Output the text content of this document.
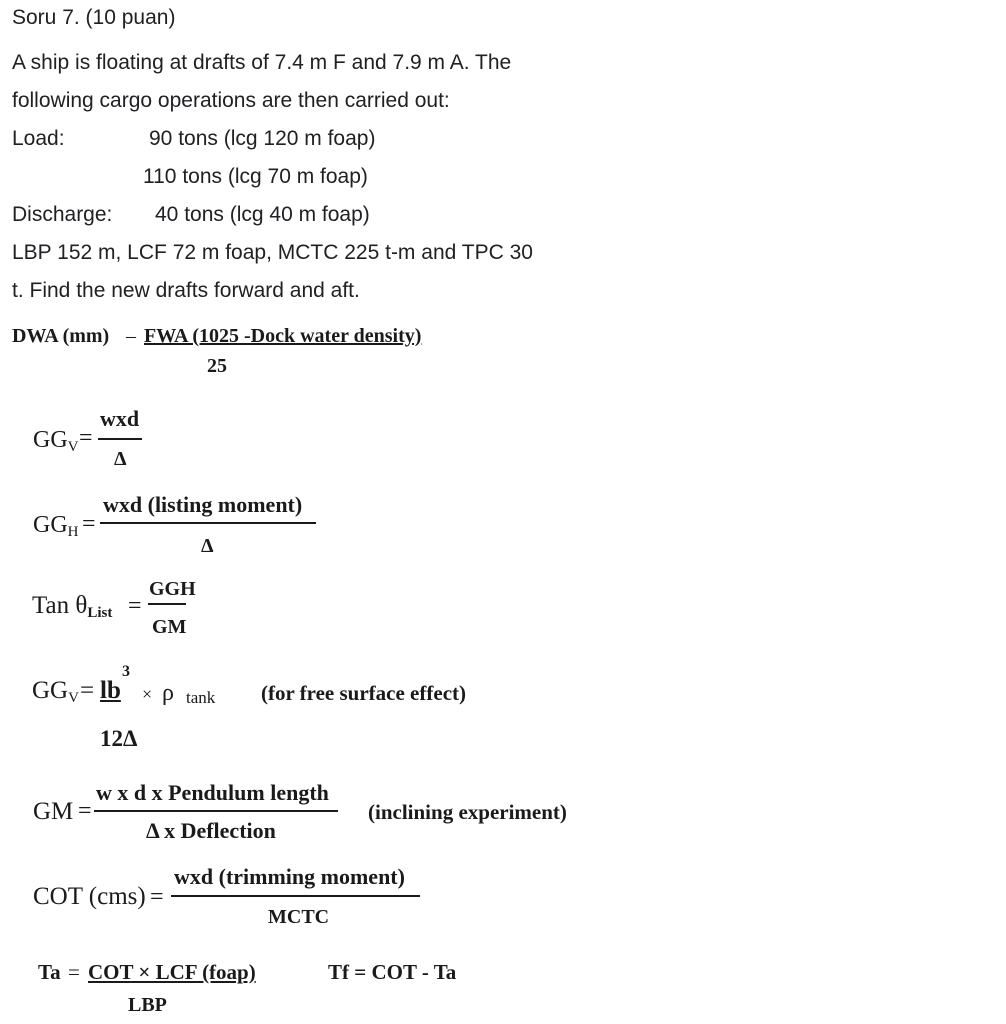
Soru 7. (10 puan)

A ship is floating at drafts of 7.4 m F and 7.9 m A. The

following cargo operations are then carried out:

Load:	90 tons (lcg 120 m foap)
110 tons (lcg 70 m foap)
Discharge: 40 tons (lcg 40 m foap)

LBP 152 m, LCF 72 m foap, MCTC 225 t-m and TPC 30

t. Find the new drafts forward and aft.

DWA (mm) – FWA (1025 -Dock water density)
25
$GG_V$ =
wxd
Δ
$GG_H$ =
wxd (listing moment)
Δ
Tan $\theta_{List}$ =
GGH
GM
$GG_V$ = lb
3
× ρ tank (for free surface effect)
12Δ
GM =
w x d x Pendulum length
Δ x Deflection
(inclining experiment)
COT (cms) =
wxd (trimming moment)
MCTC
Ta = COT × LCF (foap)
LBP
Tf = COT - Ta
